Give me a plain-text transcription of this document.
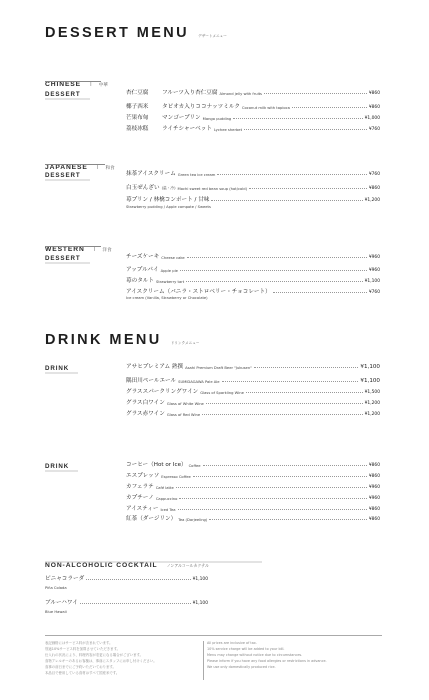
DESSERT MENU	デザートメニュー
CHINESE I 中華
DESSERT	杏仁豆腐	フルーツ入り杏仁豆腐 Almond jelly with fruits	¥860
椰子西米	タピオカ入りココナッツミルク Coconut milk with tapioca	¥860
芒果布甸	マンゴープリン Mango pudding	¥1,000
荔枝冰糕	ライチシャーベット Lychee sherbet	¥760
JAPANESE I 和食
DESSERT	抹茶アイスクリーム Green tea ice cream	¥760
白玉ぜんざい (温・冷) Mochi sweet red bean soup (hot/cold)	¥860
苺プリン / 林檎コンポート / 甘味	¥1,200
Strawberry pudding / Apple compote / Sweets
WESTERN I 洋食
DESSERT	チーズケーキ Cheese cake	¥960
アップルパイ Apple pie	¥960
苺のタルト Strawberry tart	¥1,100
アイスクリーム（バニラ・ストロベリー・チョコレート）	¥760
Ice cream (Vanilla, Strawberry or Chocolate)
DRINK MENU	ドリンクメニュー
DRINK	アサヒプレミアム 熟撰 Asahi Premium Draft Beer "Jukusen"	¥1,100
隅田川ペールエール SUMIDAGAWA Pale Ale	¥1,100
グラススパークリングワイン Glass of Sparkling Wine	¥1,500
グラス白ワイン Glass of White Wine	¥1,200
グラス赤ワイン Glass of Red Wine	¥1,200
DRINK	コーヒー（Hot or Ice） Coffee	¥860
エスプレッソ Espresso Coffee	¥860
カフェラテ Café latte	¥960
カプチーノ Cappuccino	¥960
アイスティー Iced Tea	¥860
紅茶（ダージリン） Tea (Darjeeling)	¥860
NON-ALCOHOLIC COCKTAIL ノンアルコールカクテル
ピニャコラーダ	¥1,100
Piña Colada
ブルーハワイ	¥1,100
Blue Hawaii
表記価格にはサービス料が含まれています。
別途10%サービス料を加算させていただきます。
仕入れの状況により、料理内容が変更になる場合がございます。
食物アレルギーのあるお客様は、事前にスタッフにお申し付けください。
食事の前日までにご予約いただいております。
本品目で使用している食材はすべて国産米です。
All prices are inclusive of tax.
10% service charge will be added to your bill.
Menu may change without notice due to circumstances.
Please inform if you have any food allergies or restrictions in advance.
We use only domestically produced rice.
